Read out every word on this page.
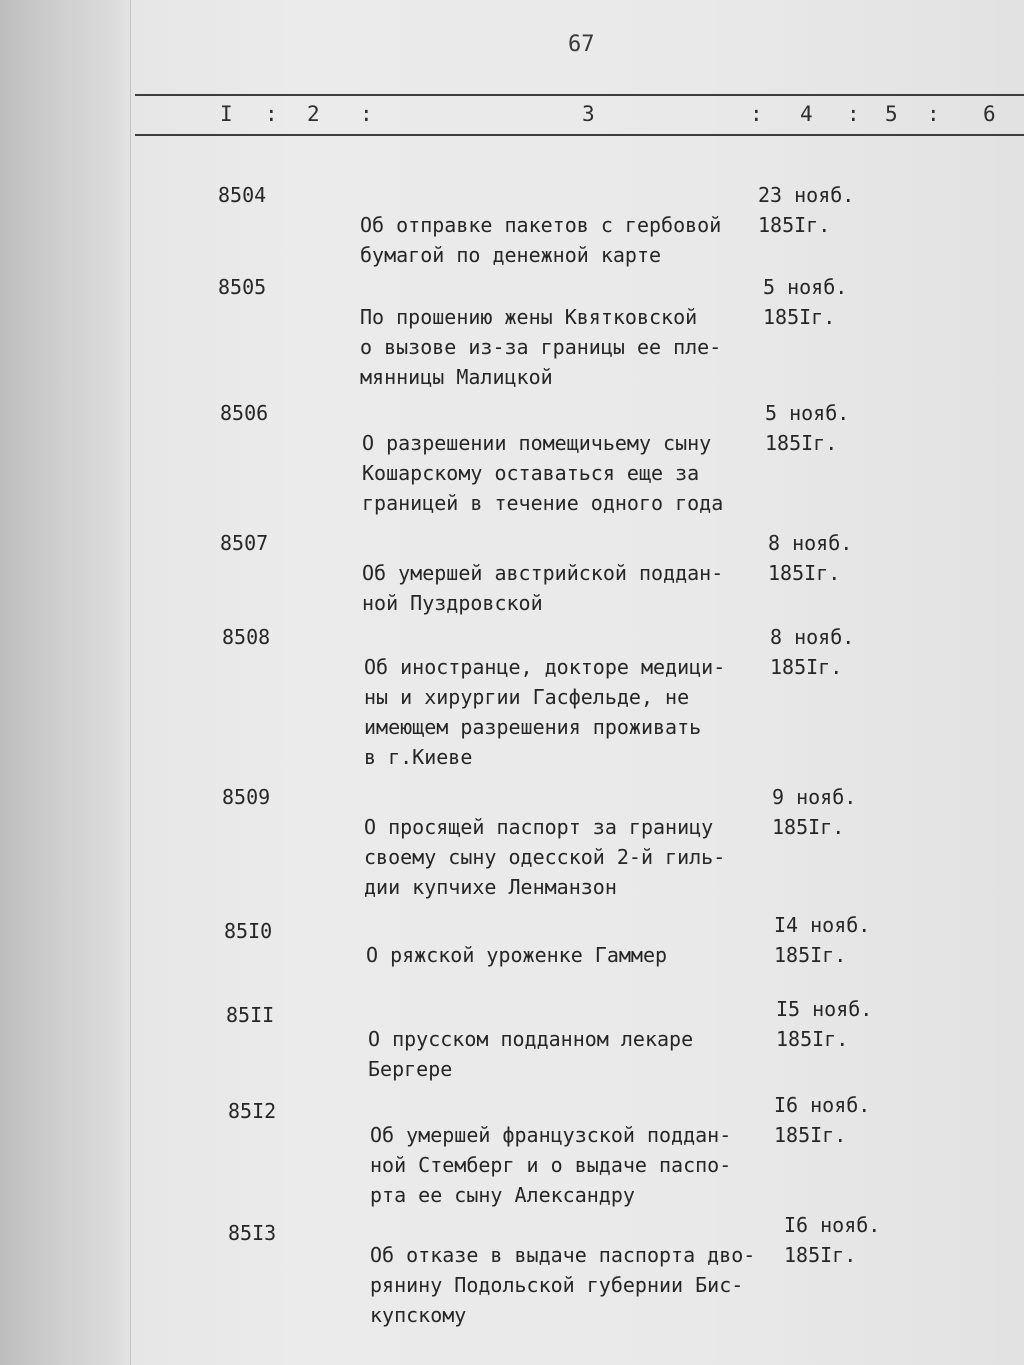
67
I : 2 :	3	: 4 : 5 : 6
8504

Об отправке пакетов с гербовой
бумагой по денежной карте

23 нояб.
185Iг.
8505

По прошению жены Квятковской
о вызове из-за границы ее пле-
мянницы Малицкой

5 нояб.
185Iг.
8506

О разрешении помещичьему сыну
Кошарскому оставаться еще за
границей в течение одного года

5 нояб.
185Iг.
8507

Об умершей австрийской поддан-
ной Пуздровской

8 нояб.
185Iг.
8508

Об иностранце, докторе медици-
ны и хирургии Гасфельде, не
имеющем разрешения проживать
в г.Киеве

8 нояб.
185Iг.
8509

О просящей паспорт за границу
своему сыну одесской 2-й гиль-
дии купчихе Ленманзон

9 нояб.
185Iг.
85I0

О ряжской уроженке Гаммер

I4 нояб.
185Iг.
85II

О прусском подданном лекаре
Бергере

I5 нояб.
185Iг.
85I2

Об умершей французской поддан-
ной Стемберг и о выдаче паспо-
рта ее сыну Александру

I6 нояб.
185Iг.
85I3

Об отказе в выдаче паспорта дво-
рянину Подольской губернии Бис-
купскому

I6 нояб.
185Iг.
